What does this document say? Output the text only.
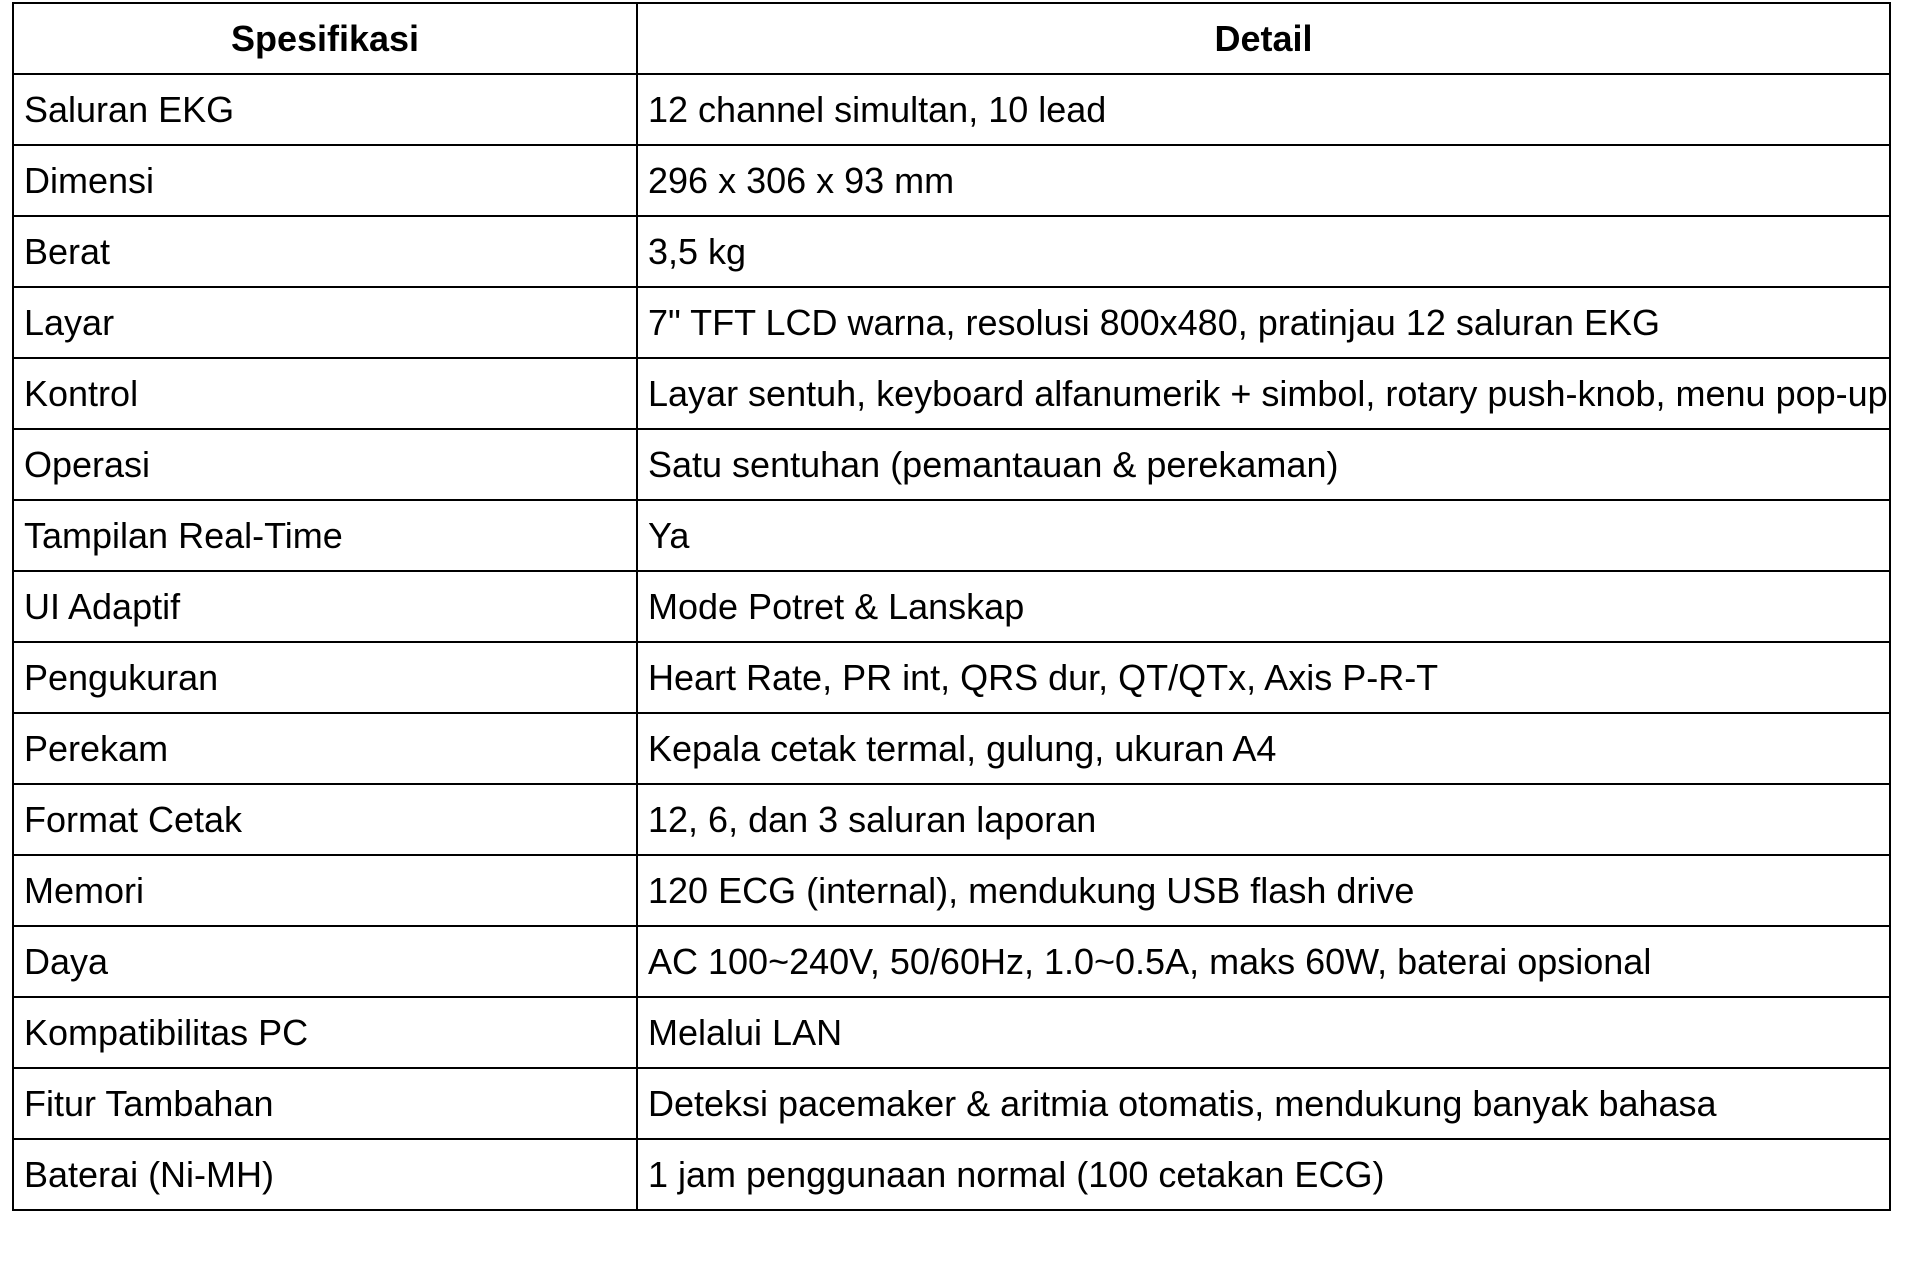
Spesifikasi	Detail
Saluran EKG	12 channel simultan, 10 lead
Dimensi	296 x 306 x 93 mm
Berat	3,5 kg
Layar	7" TFT LCD warna, resolusi 800x480, pratinjau 12 saluran EKG
Kontrol	Layar sentuh, keyboard alfanumerik + simbol, rotary push-knob, menu pop-up
Operasi	Satu sentuhan (pemantauan & perekaman)
Tampilan Real-Time	Ya
UI Adaptif	Mode Potret & Lanskap
Pengukuran	Heart Rate, PR int, QRS dur, QT/QTx, Axis P-R-T
Perekam	Kepala cetak termal, gulung, ukuran A4
Format Cetak	12, 6, dan 3 saluran laporan
Memori	120 ECG (internal), mendukung USB flash drive
Daya	AC 100~240V, 50/60Hz, 1.0~0.5A, maks 60W, baterai opsional
Kompatibilitas PC	Melalui LAN
Fitur Tambahan	Deteksi pacemaker & aritmia otomatis, mendukung banyak bahasa
Baterai (Ni-MH)	1 jam penggunaan normal (100 cetakan ECG)
